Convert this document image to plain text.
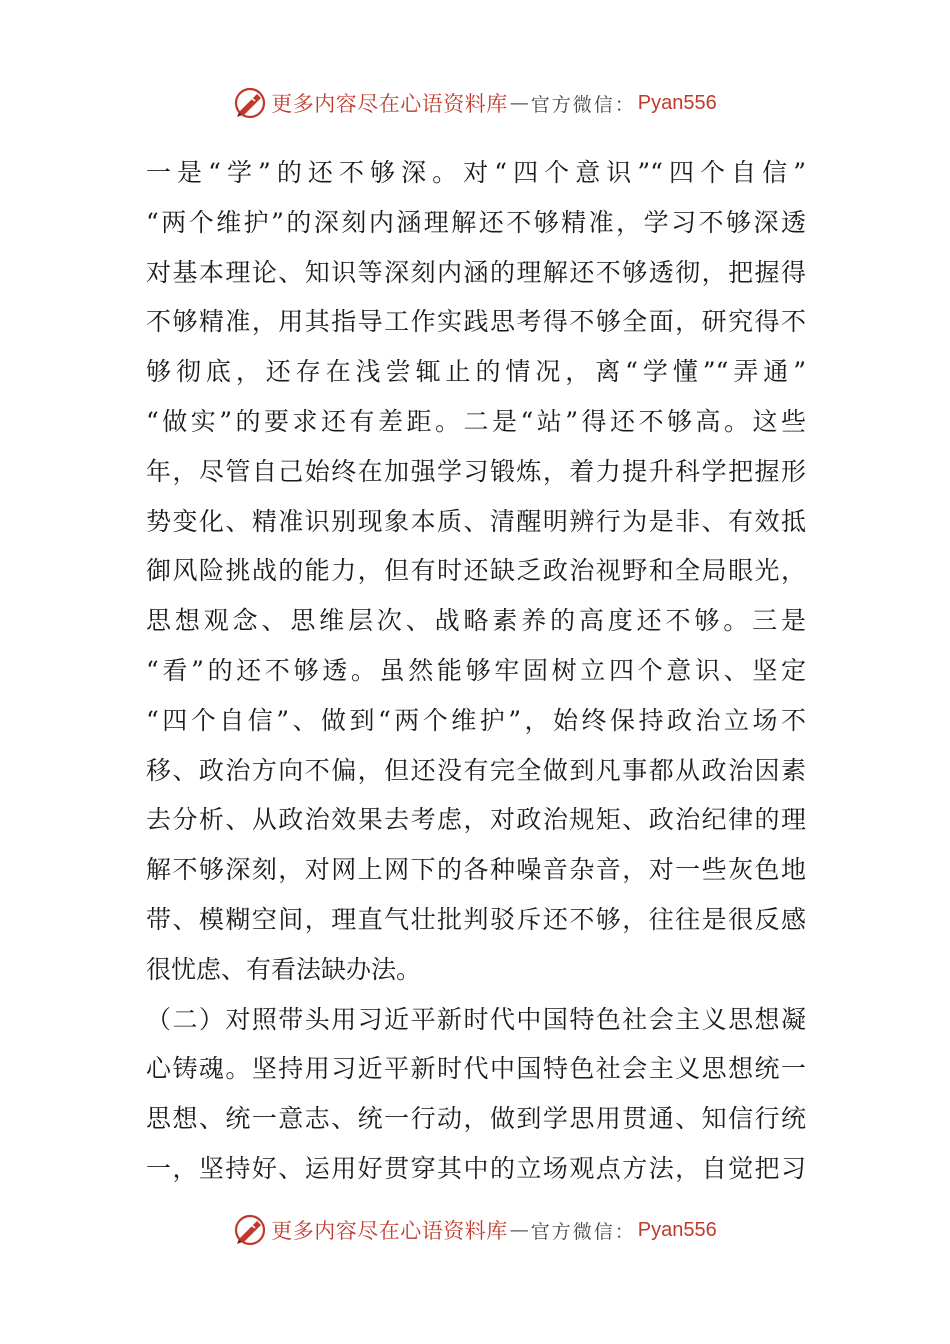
更多内容尽在心语资料库 — 官方微信： Pyan556
一是“学”的还不够深。对“四个意识”“四个自信”
“两个维护”的深刻内涵理解还不够精准，学习不够深透
对基本理论、知识等深刻内涵的理解还不够透彻，把握得
不够精准，用其指导工作实践思考得不够全面，研究得不
够彻底，还存在浅尝辄止的情况，离“学懂”“弄通”
“做实”的要求还有差距。二是“站”得还不够高。这些
年，尽管自己始终在加强学习锻炼，着力提升科学把握形
势变化、精准识别现象本质、清醒明辨行为是非、有效抵
御风险挑战的能力，但有时还缺乏政治视野和全局眼光，
思想观念、思维层次、战略素养的高度还不够。三是
“看”的还不够透。虽然能够牢固树立四个意识、坚定
“四个自信”、做到“两个维护”，始终保持政治立场不
移、政治方向不偏，但还没有完全做到凡事都从政治因素
去分析、从政治效果去考虑，对政治规矩、政治纪律的理
解不够深刻，对网上网下的各种噪音杂音，对一些灰色地
带、模糊空间，理直气壮批判驳斥还不够，往往是很反感
很忧虑、有看法缺办法。
（二）对照带头用习近平新时代中国特色社会主义思想凝
心铸魂。坚持用习近平新时代中国特色社会主义思想统一
思想、统一意志、统一行动，做到学思用贯通、知信行统
一，坚持好、运用好贯穿其中的立场观点方法，自觉把习
更多内容尽在心语资料库 — 官方微信： Pyan556
